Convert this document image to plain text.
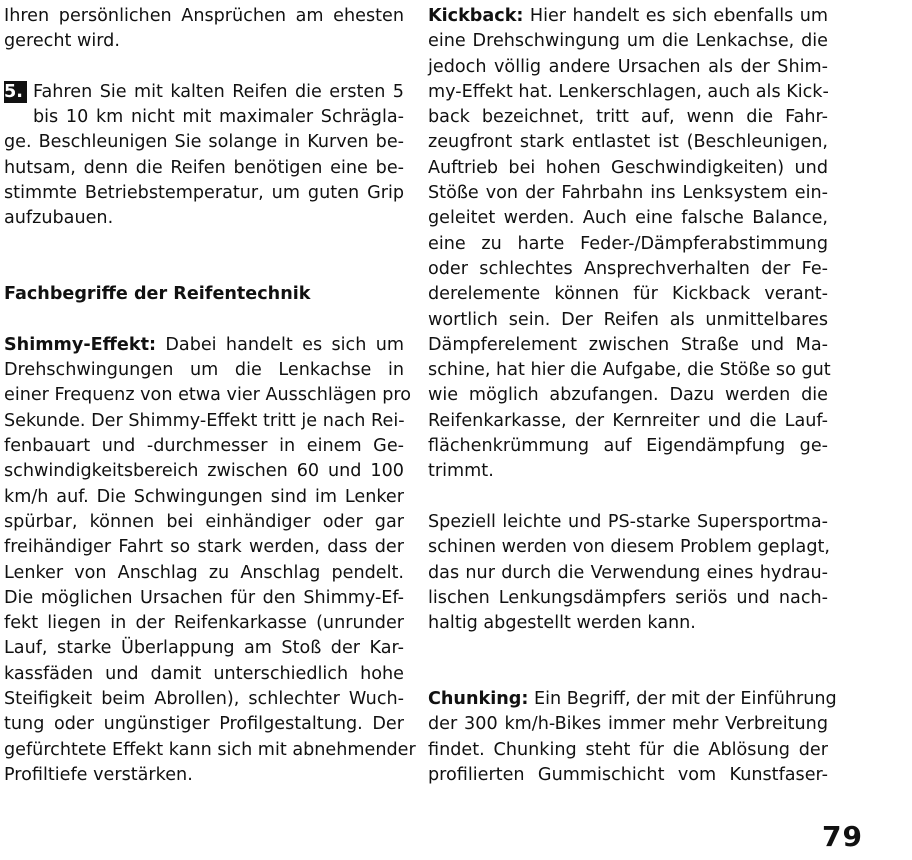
Ihren persönlichen Ansprüchen am ehesten
gerecht wird.
5. Fahren Sie mit kalten Reifen die ersten 5
bis 10 km nicht mit maximaler Schrägla-
ge. Beschleunigen Sie solange in Kurven be-
hutsam, denn die Reifen benötigen eine be-
stimmte Betriebstemperatur, um guten Grip
aufzubauen.
Fachbegriffe der Reifentechnik
Shimmy-Effekt: Dabei handelt es sich um
Drehschwingungen um die Lenkachse in
einer Frequenz von etwa vier Ausschlägen pro
Sekunde. Der Shimmy-Effekt tritt je nach Rei-
fenbauart und -durchmesser in einem Ge-
schwindigkeitsbereich zwischen 60 und 100
km/h auf. Die Schwingungen sind im Lenker
spürbar, können bei einhändiger oder gar
freihändiger Fahrt so stark werden, dass der
Lenker von Anschlag zu Anschlag pendelt.
Die möglichen Ursachen für den Shimmy-Ef-
fekt liegen in der Reifenkarkasse (unrunder
Lauf, starke Überlappung am Stoß der Kar-
kassfäden und damit unterschiedlich hohe
Steifigkeit beim Abrollen), schlechter Wuch-
tung oder ungünstiger Profilgestaltung. Der
gefürchtete Effekt kann sich mit abnehmender
Profiltiefe verstärken.
Kickback: Hier handelt es sich ebenfalls um
eine Drehschwingung um die Lenkachse, die
jedoch völlig andere Ursachen als der Shim-
my-Effekt hat. Lenkerschlagen, auch als Kick-
back bezeichnet, tritt auf, wenn die Fahr-
zeugfront stark entlastet ist (Beschleunigen,
Auftrieb bei hohen Geschwindigkeiten) und
Stöße von der Fahrbahn ins Lenksystem ein-
geleitet werden. Auch eine falsche Balance,
eine zu harte Feder-/Dämpferabstimmung
oder schlechtes Ansprechverhalten der Fe-
derelemente können für Kickback verant-
wortlich sein. Der Reifen als unmittelbares
Dämpferelement zwischen Straße und Ma-
schine, hat hier die Aufgabe, die Stöße so gut
wie möglich abzufangen. Dazu werden die
Reifenkarkasse, der Kernreiter und die Lauf-
flächenkrümmung auf Eigendämpfung ge-
trimmt.
Speziell leichte und PS-starke Supersportma-
schinen werden von diesem Problem geplagt,
das nur durch die Verwendung eines hydrau-
lischen Lenkungsdämpfers seriös und nach-
haltig abgestellt werden kann.
Chunking: Ein Begriff, der mit der Einführung
der 300 km/h-Bikes immer mehr Verbreitung
findet. Chunking steht für die Ablösung der
profilierten Gummischicht vom Kunstfaser-
79
